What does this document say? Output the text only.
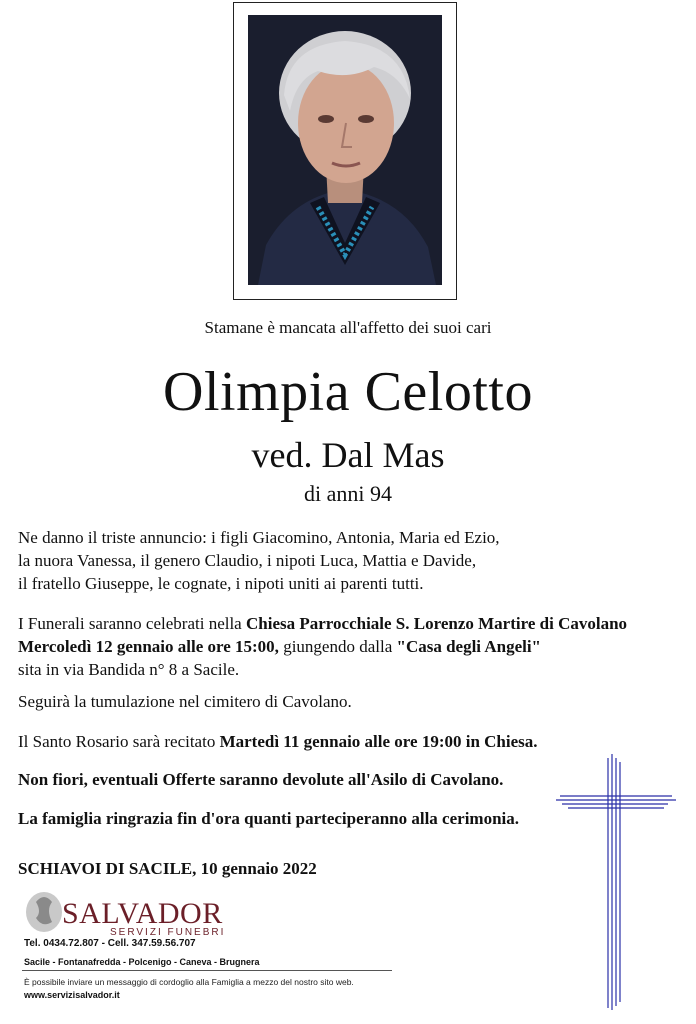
Stamane è mancata all'affetto dei suoi cari
Olimpia Celotto
ved. Dal Mas
di anni 94
Ne danno il triste annuncio: i figli Giacomino, Antonia, Maria ed Ezio,
la nuora Vanessa, il genero Claudio, i nipoti Luca, Mattia e Davide,
il fratello Giuseppe, le cognate, i nipoti uniti ai parenti tutti.
I Funerali saranno celebrati nella Chiesa Parrocchiale S. Lorenzo Martire di Cavolano
Mercoledì 12 gennaio alle ore 15:00, giungendo dalla "Casa degli Angeli"
sita in via Bandida n° 8 a Sacile.
Seguirà la tumulazione nel cimitero di Cavolano.
Il Santo Rosario sarà recitato Martedì 11 gennaio alle ore 19:00 in Chiesa.
Non fiori, eventuali Offerte saranno devolute all'Asilo di Cavolano.
La famiglia ringrazia fin d'ora quanti parteciperanno alla cerimonia.
SCHIAVOI DI SACILE, 10 gennaio 2022
SALVADOR
SERVIZI FUNEBRI
Tel. 0434.72.807 - Cell. 347.59.56.707
Sacile - Fontanafredda - Polcenigo - Caneva - Brugnera
È possibile inviare un messaggio di cordoglio alla Famiglia a mezzo del nostro sito web.
www.servizisalvador.it
